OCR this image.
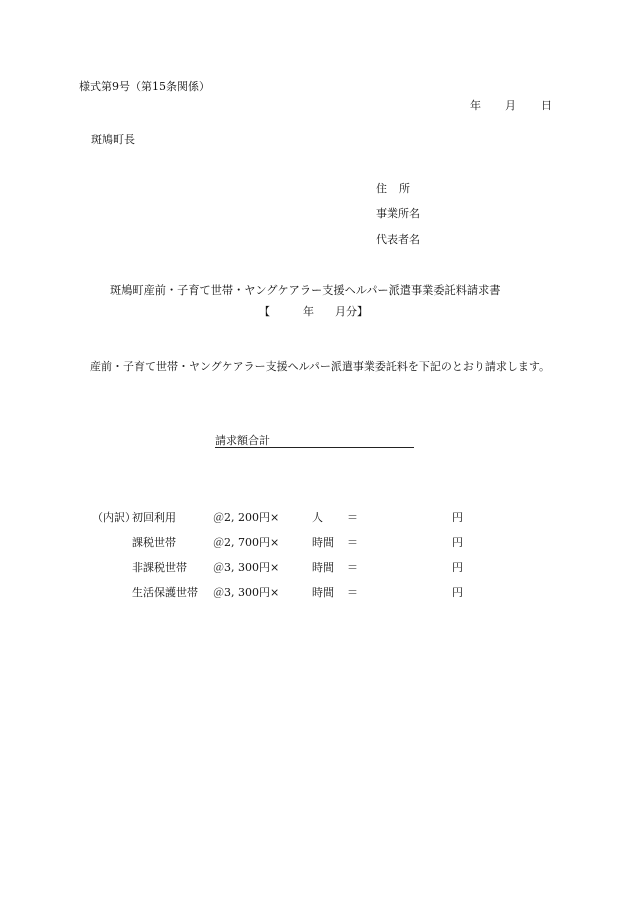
様式第9号（第15条関係）
年 月 日
斑鳩町長
住所
事業所名
代表者名
斑鳩町産前・子育て世帯・ヤングケアラー支援ヘルパー派遣事業委託料請求書
【	年 月分】
産前・子育て世帯・ヤングケアラー支援ヘルパー派遣事業委託料を下記のとおり請求します。
請求額合計
（内訳）
初回利用	＠2, 200円×	人 ＝	円
課税世帯	＠2, 700円×	時間 ＝	円
非課税世帯 ＠3, 300円×	時間 ＝	円
生活保護世帯 ＠3, 300円×	時間 ＝	円
